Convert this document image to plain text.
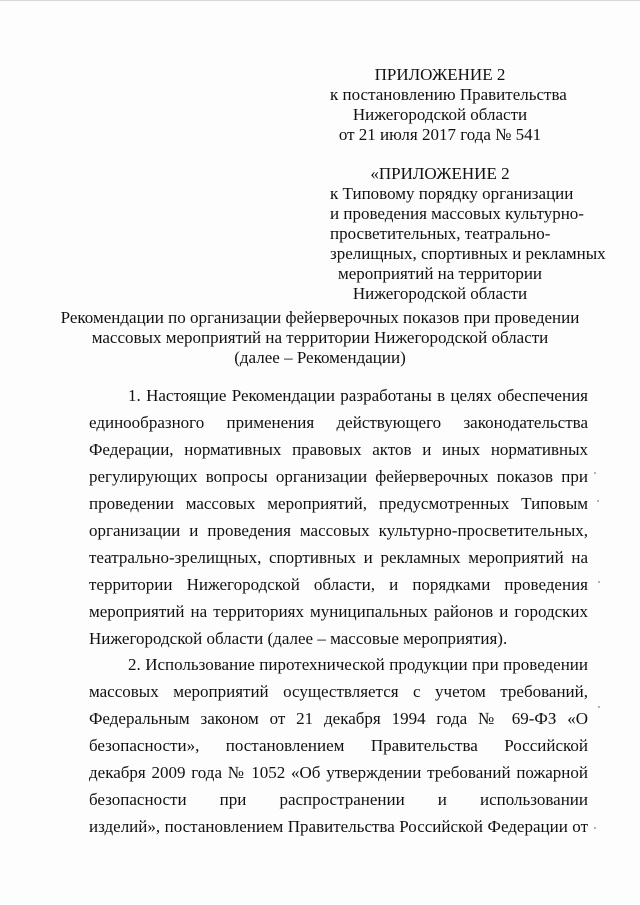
ПРИЛОЖЕНИЕ 2
к постановлению Правительства
Нижегородской области
от 21 июля 2017 года № 541
«ПРИЛОЖЕНИЕ 2
к Типовому порядку организации
и проведения массовых культурно-
просветительных, театрально-
зрелищных, спортивных и рекламных
мероприятий на территории
Нижегородской области
Рекомендации по организации фейерверочных показов при проведении
массовых мероприятий на территории Нижегородской области
(далее – Рекомендации)
1. Настоящие Рекомендации разработаны в целях обеспечения
единообразного применения действующего законодательства
Федерации, нормативных правовых актов и иных нормативных
регулирующих вопросы организации фейерверочных показов при
проведении массовых мероприятий, предусмотренных Типовым
организации и проведения массовых культурно-просветительных,
театрально-зрелищных, спортивных и рекламных мероприятий на
территории Нижегородской области, и порядками проведения
мероприятий на территориях муниципальных районов и городских
Нижегородской области (далее – массовые мероприятия).
2. Использование пиротехнической продукции при проведении
массовых мероприятий осуществляется с учетом требований,
Федеральным законом от 21 декабря 1994 года № 69-ФЗ «О
безопасности», постановлением Правительства Российской
декабря 2009 года № 1052 «Об утверждении требований пожарной
безопасности при распространении и использовании
изделий», постановлением Правительства Российской Федерации от
